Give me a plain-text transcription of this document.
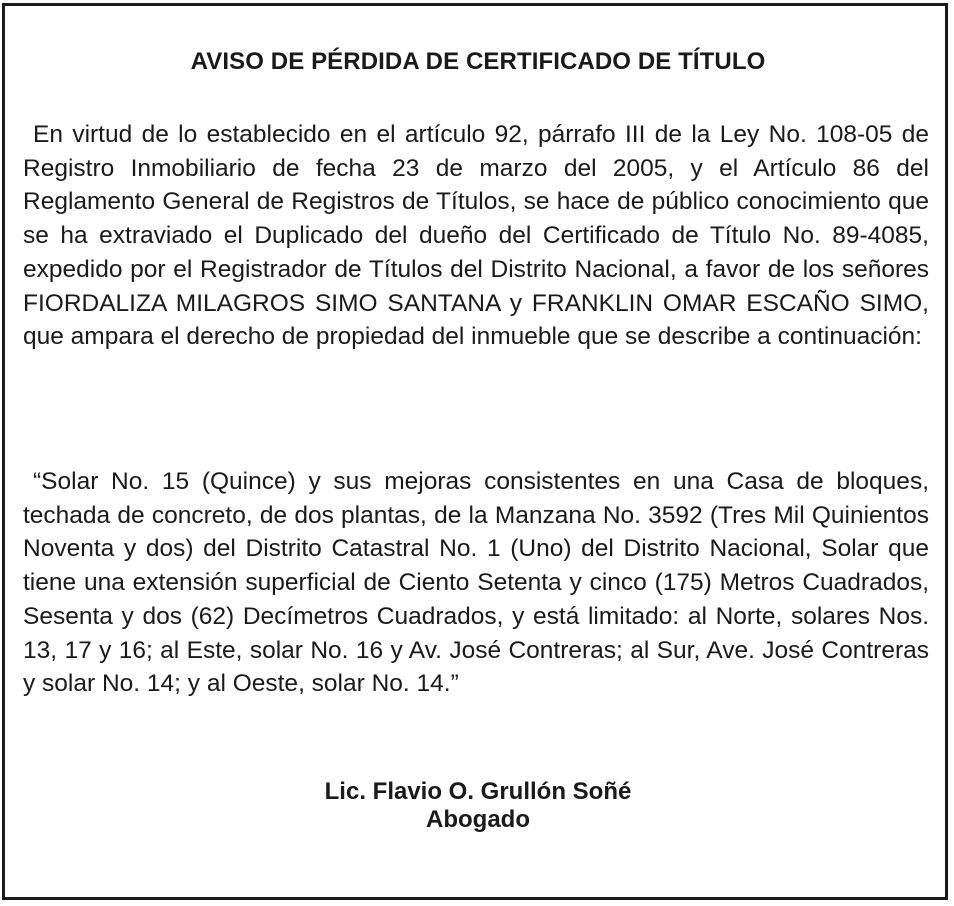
AVISO DE PÉRDIDA DE CERTIFICADO DE TÍTULO
En virtud de lo establecido en el artículo 92, párrafo III de la Ley No. 108-05 de Registro Inmobiliario de fecha 23 de marzo del 2005, y el Artículo 86 del Reglamento General de Registros de Títulos, se hace de público conocimiento que se ha extraviado el Duplicado del dueño del Certificado de Título No. 89-4085, expedido por el Registrador de Títulos del Distrito Nacional, a favor de los señores FIORDALIZA MILAGROS SIMO SANTANA y FRANKLIN OMAR ESCAÑO SIMO, que ampara el derecho de propiedad del inmueble que se describe a continuación:
“Solar No. 15 (Quince) y sus mejoras consistentes en una Casa de bloques, techada de concreto, de dos plantas, de la Manzana No. 3592 (Tres Mil Quinientos Noventa y dos) del Distrito Catastral No. 1 (Uno) del Distrito Nacional, Solar que tiene una extensión superficial de Ciento Setenta y cinco (175) Metros Cuadrados, Sesenta y dos (62) Decímetros Cuadrados, y está limitado: al Norte, solares Nos. 13, 17 y 16; al Este, solar No. 16 y Av. José Contreras; al Sur, Ave. José Contreras y solar No. 14; y al Oeste, solar No. 14.”
Lic. Flavio O. Grullón Soñé
Abogado
